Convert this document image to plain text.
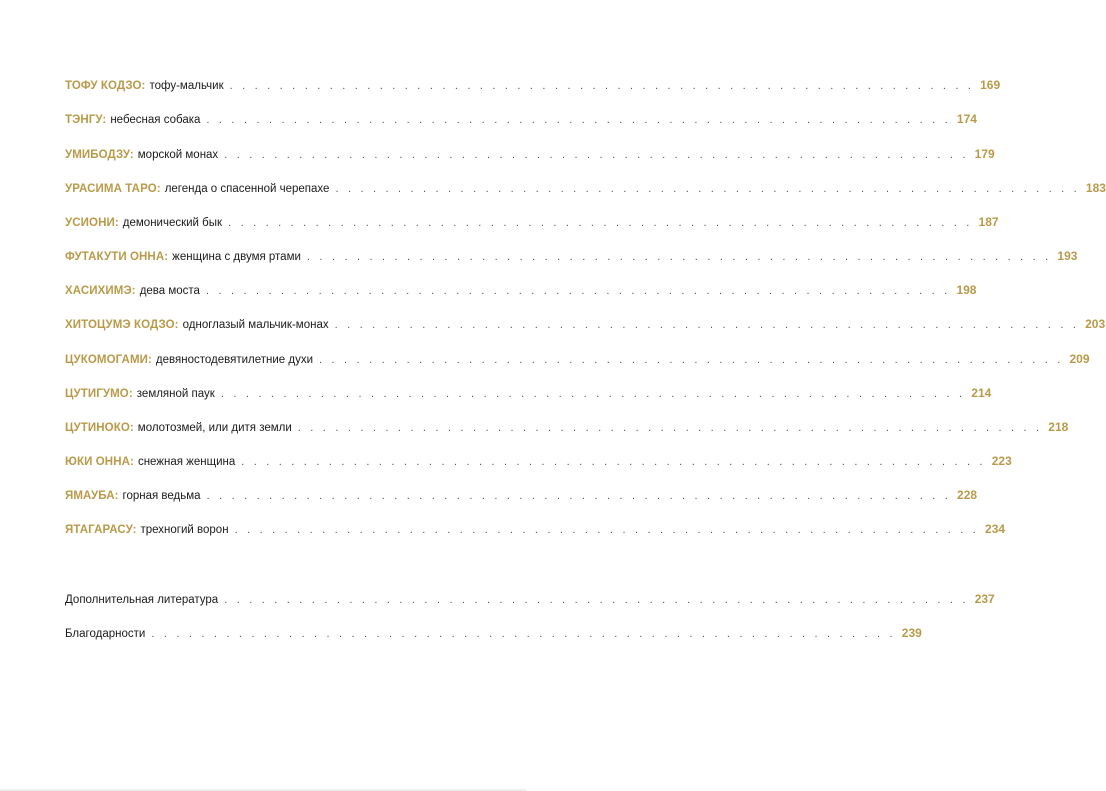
ТОФУ КОДЗО: тофу-мальчик . . . . . . . . . . . . . . . . . . . . . . . . . . . . . . . . . . . . . . . . . . . . . . . . . . . . . . . . . . . . 169
ТЭНГУ: небесная собака . . . . . . . . . . . . . . . . . . . . . . . . . . . . . . . . . . . . . . . . . . . . . . . . . . . . . . . . . . . . 174
УМИБОДЗУ: морской монах . . . . . . . . . . . . . . . . . . . . . . . . . . . . . . . . . . . . . . . . . . . . . . . . . . . . . . . . . . . . 179
УРАСИМА ТАРО: легенда о спасенной черепахе . . . . . . . . . . . . . . . . . . . . . . . . . . . . . . . . . . . . . . . . . . . . . . . . . . . . . . . . . . . . 183
УСИОНИ: демонический бык . . . . . . . . . . . . . . . . . . . . . . . . . . . . . . . . . . . . . . . . . . . . . . . . . . . . . . . . . . . . 187
ФУТАКУТИ ОННА: женщина с двумя ртами . . . . . . . . . . . . . . . . . . . . . . . . . . . . . . . . . . . . . . . . . . . . . . . . . . . . . . . . . . . . 193
ХАСИХИМЭ: дева моста . . . . . . . . . . . . . . . . . . . . . . . . . . . . . . . . . . . . . . . . . . . . . . . . . . . . . . . . . . . . 198
ХИТОЦУМЭ КОДЗО: одноглазый мальчик-монах . . . . . . . . . . . . . . . . . . . . . . . . . . . . . . . . . . . . . . . . . . . . . . . . . . . . . . . . . . . . 203
ЦУКОМОГАМИ: девяностодевятилетние духи . . . . . . . . . . . . . . . . . . . . . . . . . . . . . . . . . . . . . . . . . . . . . . . . . . . . . . . . . . . . 209
ЦУТИГУМО: земляной паук . . . . . . . . . . . . . . . . . . . . . . . . . . . . . . . . . . . . . . . . . . . . . . . . . . . . . . . . . . . . 214
ЦУТИНОКО: молотозмей, или дитя земли . . . . . . . . . . . . . . . . . . . . . . . . . . . . . . . . . . . . . . . . . . . . . . . . . . . . . . . . . . . . 218
ЮКИ ОННА: снежная женщина . . . . . . . . . . . . . . . . . . . . . . . . . . . . . . . . . . . . . . . . . . . . . . . . . . . . . . . . . . . . 223
ЯМАУБА: горная ведьма . . . . . . . . . . . . . . . . . . . . . . . . . . . . . . . . . . . . . . . . . . . . . . . . . . . . . . . . . . . . 228
ЯТАГАРАСУ: трехногий ворон . . . . . . . . . . . . . . . . . . . . . . . . . . . . . . . . . . . . . . . . . . . . . . . . . . . . . . . . . . . . 234
Дополнительная литература . . . . . . . . . . . . . . . . . . . . . . . . . . . . . . . . . . . . . . . . . . . . . . . . . . . . . . . . . . . . 237
Благодарности . . . . . . . . . . . . . . . . . . . . . . . . . . . . . . . . . . . . . . . . . . . . . . . . . . . . . . . . . . . . 239
